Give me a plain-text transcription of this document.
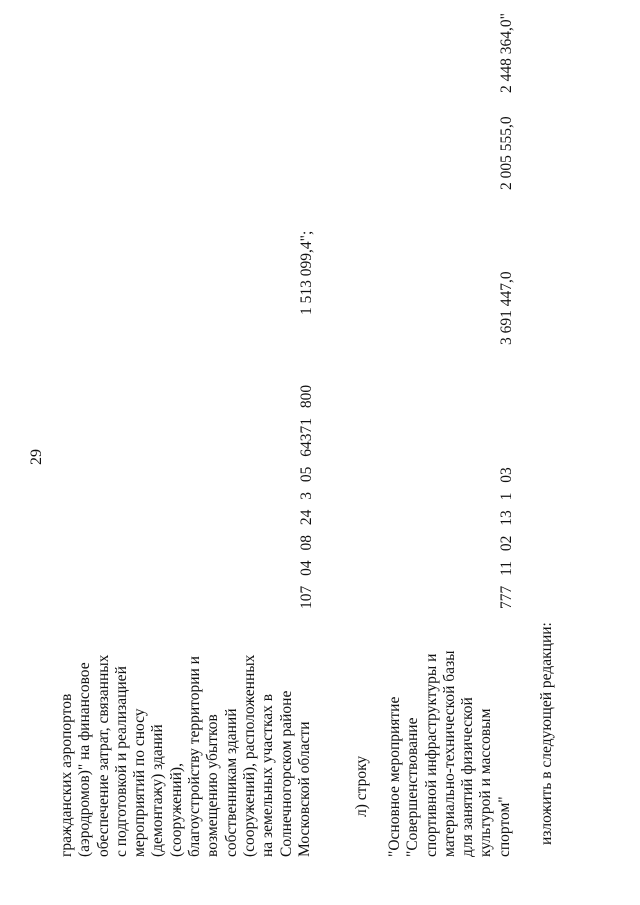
29
гражданских аэропортов (аэродромов)" на финансовое обеспечение затрат, связанных с подготовкой и реализацией мероприятий по сносу (демонтажу) зданий (сооружений), благоустройству территории и возмещению убытков собственникам зданий (сооружений), расположенных на земельных участках в Солнечногорском районе Московской области
107 04 08 24 3 05 64371 800
1 513 099,4";
л) строку "Основное мероприятие "Совершенствование спортивной инфраструктуры и материально-технической базы для занятий физической культурой и массовым спортом"
777 11 02 13 1 03
3 691 447,0
2 005 555,0
2 448 364,0"
изложить в следующей редакции:
